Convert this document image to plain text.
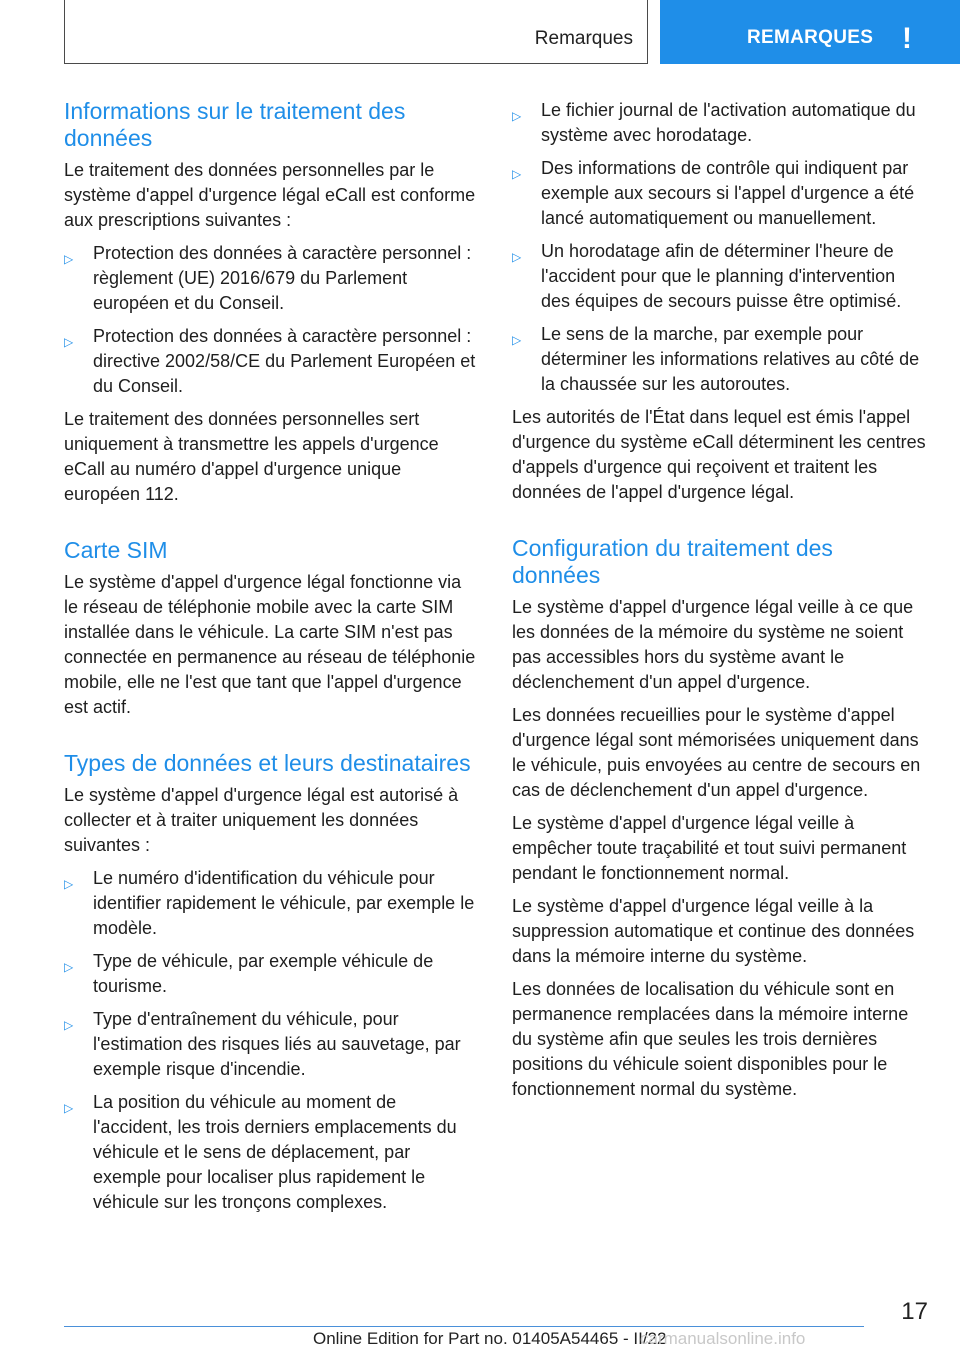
Remarques	REMARQUES !
Informations sur le traitement des données

Le traitement des données personnelles par le système d'appel d'urgence légal eCall est conforme aux prescriptions suivantes :

▷ Protection des données à caractère personnel : règlement (UE) 2016/679 du Parlement européen et du Conseil.
▷ Protection des données à caractère personnel : directive 2002/58/CE du Parlement Européen et du Conseil.

Le traitement des données personnelles sert uniquement à transmettre les appels d'urgence eCall au numéro d'appel d'urgence unique européen 112.

Carte SIM

Le système d'appel d'urgence légal fonctionne via le réseau de téléphonie mobile avec la carte SIM installée dans le véhicule. La carte SIM n'est pas connectée en permanence au réseau de téléphonie mobile, elle ne l'est que tant que l'appel d'urgence est actif.

Types de données et leurs destinataires

Le système d'appel d'urgence légal est autorisé à collecter et à traiter uniquement les données suivantes :

▷ Le numéro d'identification du véhicule pour identifier rapidement le véhicule, par exemple le modèle.
▷ Type de véhicule, par exemple véhicule de tourisme.
▷ Type d'entraînement du véhicule, pour l'estimation des risques liés au sauvetage, par exemple risque d'incendie.
▷ La position du véhicule au moment de l'accident, les trois derniers emplacements du véhicule et le sens de déplacement, par exemple pour localiser plus rapidement le véhicule sur les tronçons complexes.
▷ Le fichier journal de l'activation automatique du système avec horodatage.
▷ Des informations de contrôle qui indiquent par exemple aux secours si l'appel d'urgence a été lancé automatiquement ou manuellement.
▷ Un horodatage afin de déterminer l'heure de l'accident pour que le planning d'intervention des équipes de secours puisse être optimisé.
▷ Le sens de la marche, par exemple pour déterminer les informations relatives au côté de la chaussée sur les autoroutes.

Les autorités de l'État dans lequel est émis l'appel d'urgence du système eCall déterminent les centres d'appels d'urgence qui reçoivent et traitent les données de l'appel d'urgence légal.

Configuration du traitement des données

Le système d'appel d'urgence légal veille à ce que les données de la mémoire du système ne soient pas accessibles hors du système avant le déclenchement d'un appel d'urgence.

Les données recueillies pour le système d'appel d'urgence légal sont mémorisées uniquement dans le véhicule, puis envoyées au centre de secours en cas de déclenchement d'un appel d'urgence.

Le système d'appel d'urgence légal veille à empêcher toute traçabilité et tout suivi permanent pendant le fonctionnement normal.

Le système d'appel d'urgence légal veille à la suppression automatique et continue des données dans la mémoire interne du système.

Les données de localisation du véhicule sont en permanence remplacées dans la mémoire interne du système afin que seules les trois dernières positions du véhicule soient disponibles pour le fonctionnement normal du système.

17
Online Edition for Part no. 01405A54465 - II/22
carmanualsonline.info
